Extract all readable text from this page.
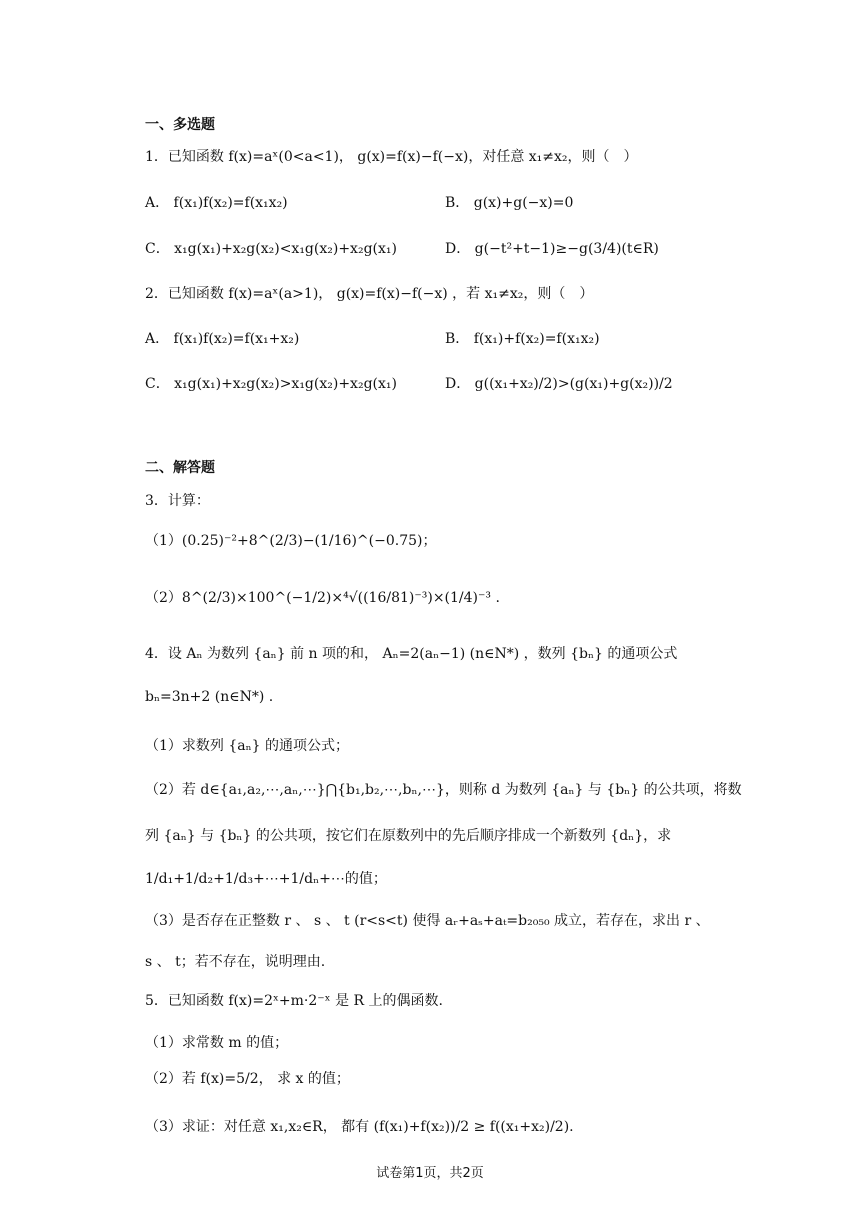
一、多选题
1．已知函数 f(x)=aˣ(0<a<1)， g(x)=f(x)−f(−x)，对任意 x₁≠x₂，则（　）
A． f(x₁)f(x₂)=f(x₁x₂)	B． g(x)+g(−x)=0
C． x₁g(x₁)+x₂g(x₂)<x₁g(x₂)+x₂g(x₁)	D． g(−t²+t−1)≥−g(3/4)(t∈R)
2．已知函数 f(x)=aˣ(a>1)， g(x)=f(x)−f(−x) ，若 x₁≠x₂，则（　）
A． f(x₁)f(x₂)=f(x₁+x₂)	B． f(x₁)+f(x₂)=f(x₁x₂)
C． x₁g(x₁)+x₂g(x₂)>x₁g(x₂)+x₂g(x₁)	D． g((x₁+x₂)/2)>(g(x₁)+g(x₂))/2
二、解答题
3．计算：
（1）(0.25)⁻²+8^(2/3)−(1/16)^(−0.75)；
（2）8^(2/3)×100^(−1/2)×⁴√((16/81)⁻³)×(1/4)⁻³ .
4．设 Aₙ 为数列 {aₙ} 前 n 项的和， Aₙ=2(aₙ−1) (n∈N*) ，数列 {bₙ} 的通项公式
bₙ=3n+2 (n∈N*) .
（1）求数列 {aₙ} 的通项公式；
（2）若 d∈{a₁,a₂,⋯,aₙ,⋯}⋂{b₁,b₂,⋯,bₙ,⋯}，则称 d 为数列 {aₙ} 与 {bₙ} 的公共项，将数
列 {aₙ} 与 {bₙ} 的公共项，按它们在原数列中的先后顺序排成一个新数列 {dₙ}，求
1/d₁+1/d₂+1/d₃+⋯+1/dₙ+⋯的值；
（3）是否存在正整数 r 、 s 、 t (r<s<t) 使得 aᵣ+aₛ+aₜ=b₂₀₅₀ 成立，若存在，求出 r 、
s 、 t；若不存在，说明理由.
5．已知函数 f(x)=2ˣ+m·2⁻ˣ 是 R 上的偶函数.
（1）求常数 m 的值；
（2）若 f(x)=5/2， 求 x 的值；
（3）求证：对任意 x₁,x₂∈R， 都有 (f(x₁)+f(x₂))/2 ≥ f((x₁+x₂)/2).
试卷第1页，共2页
